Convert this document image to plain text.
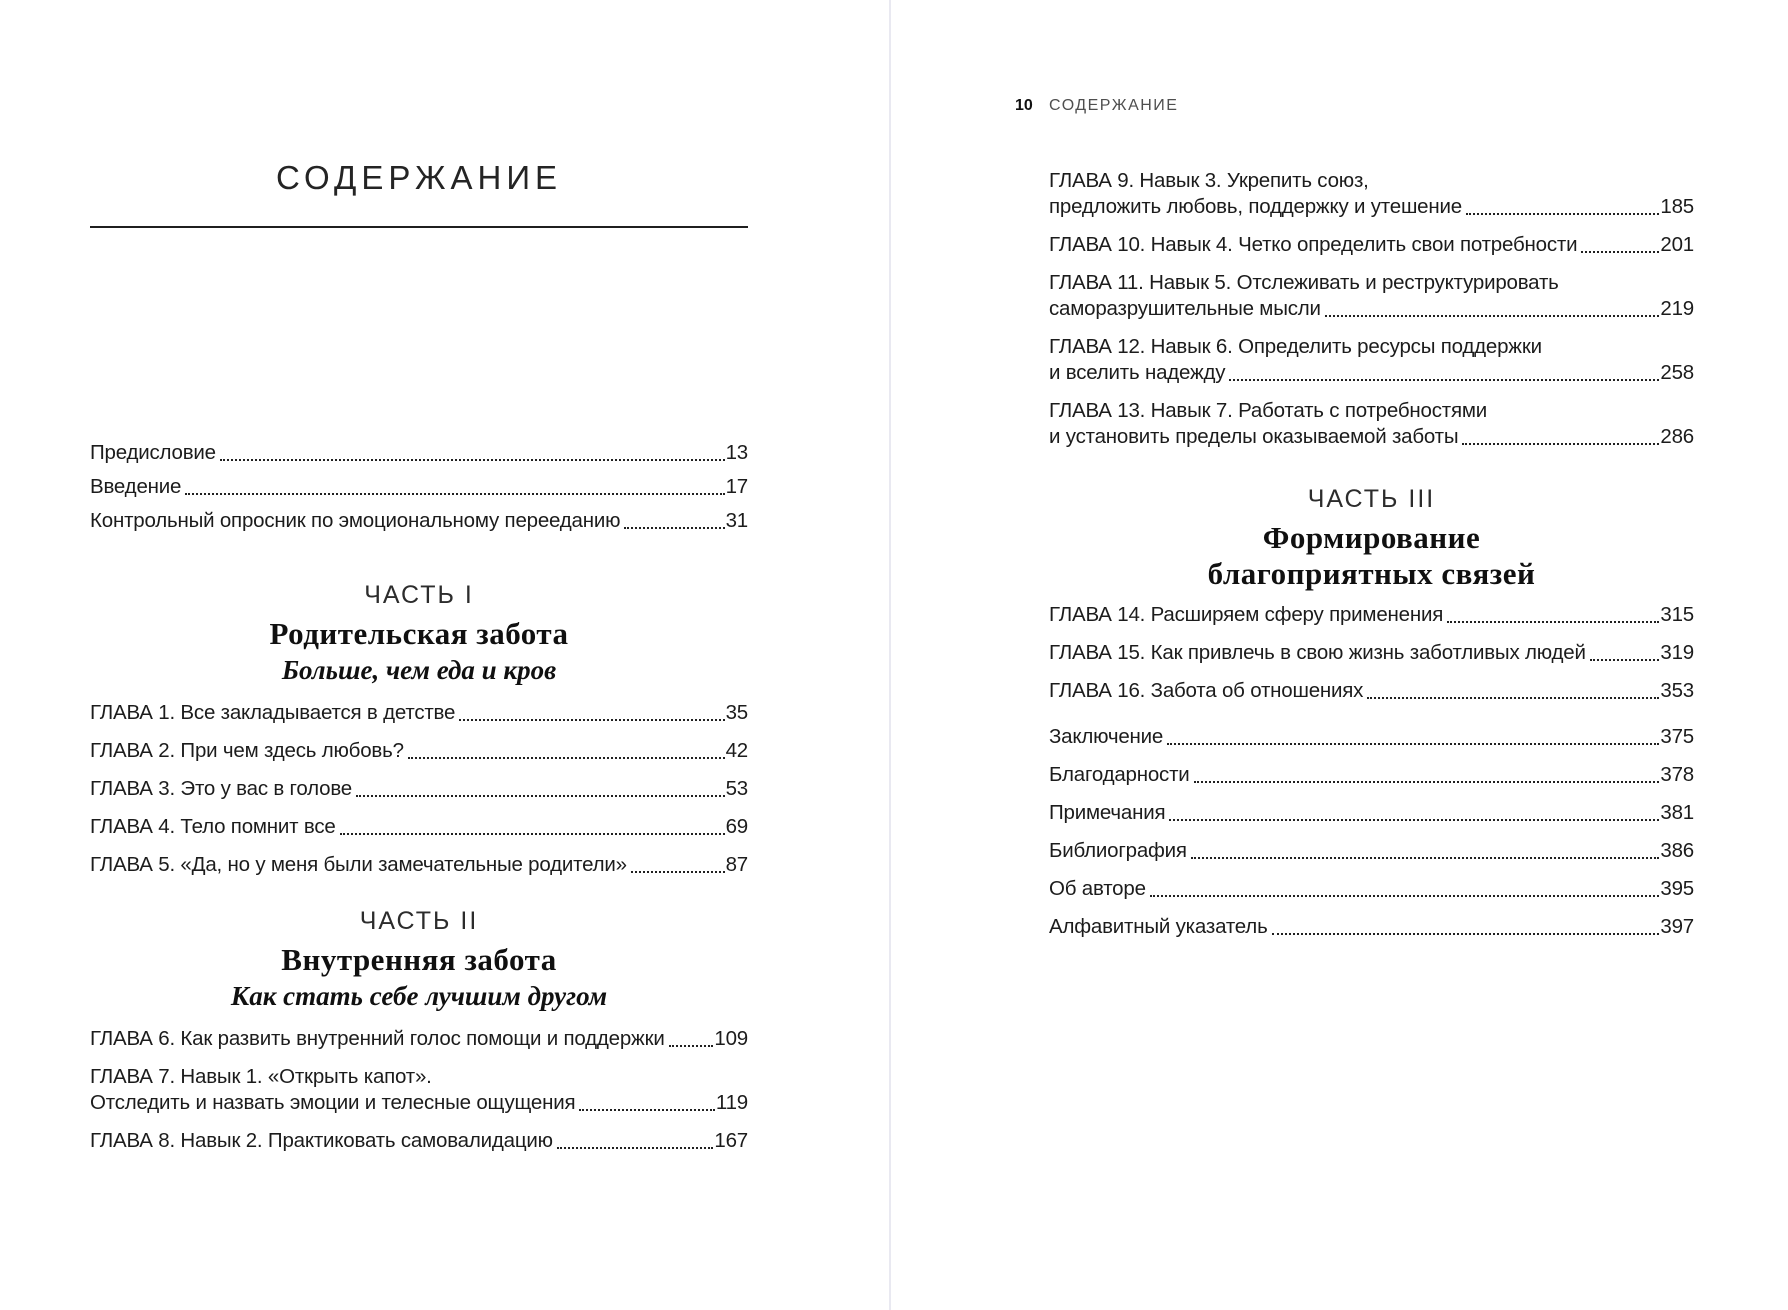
СОДЕРЖАНИЕ
Предисловие	13
Введение	17
Контрольный опросник по эмоциональному перееданию	31
ЧАСТЬ I
Родительская забота
Больше, чем еда и кров
ГЛАВА 1. Все закладывается в детстве	35
ГЛАВА 2. При чем здесь любовь?	42
ГЛАВА 3. Это у вас в голове	53
ГЛАВА 4. Тело помнит все	69
ГЛАВА 5. «Да, но у меня были замечательные родители»	87
ЧАСТЬ II
Внутренняя забота
Как стать себе лучшим другом
ГЛАВА 6. Как развить внутренний голос помощи и поддержки 109
ГЛАВА 7. Навык 1. «Открыть капот».
Отследить и назвать эмоции и телесные ощущения	119
ГЛАВА 8. Навык 2. Практиковать самовалидацию	167
10 СОДЕРЖАНИЕ
ГЛАВА 9. Навык 3. Укрепить союз,
предложить любовь, поддержку и утешение	185
ГЛАВА 10. Навык 4. Четко определить свои потребности	201
ГЛАВА 11. Навык 5. Отслеживать и реструктурировать
саморазрушительные мысли	219
ГЛАВА 12. Навык 6. Определить ресурсы поддержки
и вселить надежду	258
ГЛАВА 13. Навык 7. Работать с потребностями
и установить пределы оказываемой заботы	286
ЧАСТЬ III
Формирование
благоприятных связей
ГЛАВА 14. Расширяем сферу применения	315
ГЛАВА 15. Как привлечь в свою жизнь заботливых людей	319
ГЛАВА 16. Забота об отношениях	353
Заключение	375
Благодарности	378
Примечания	381
Библиография	386
Об авторе	395
Алфавитный указатель	397
